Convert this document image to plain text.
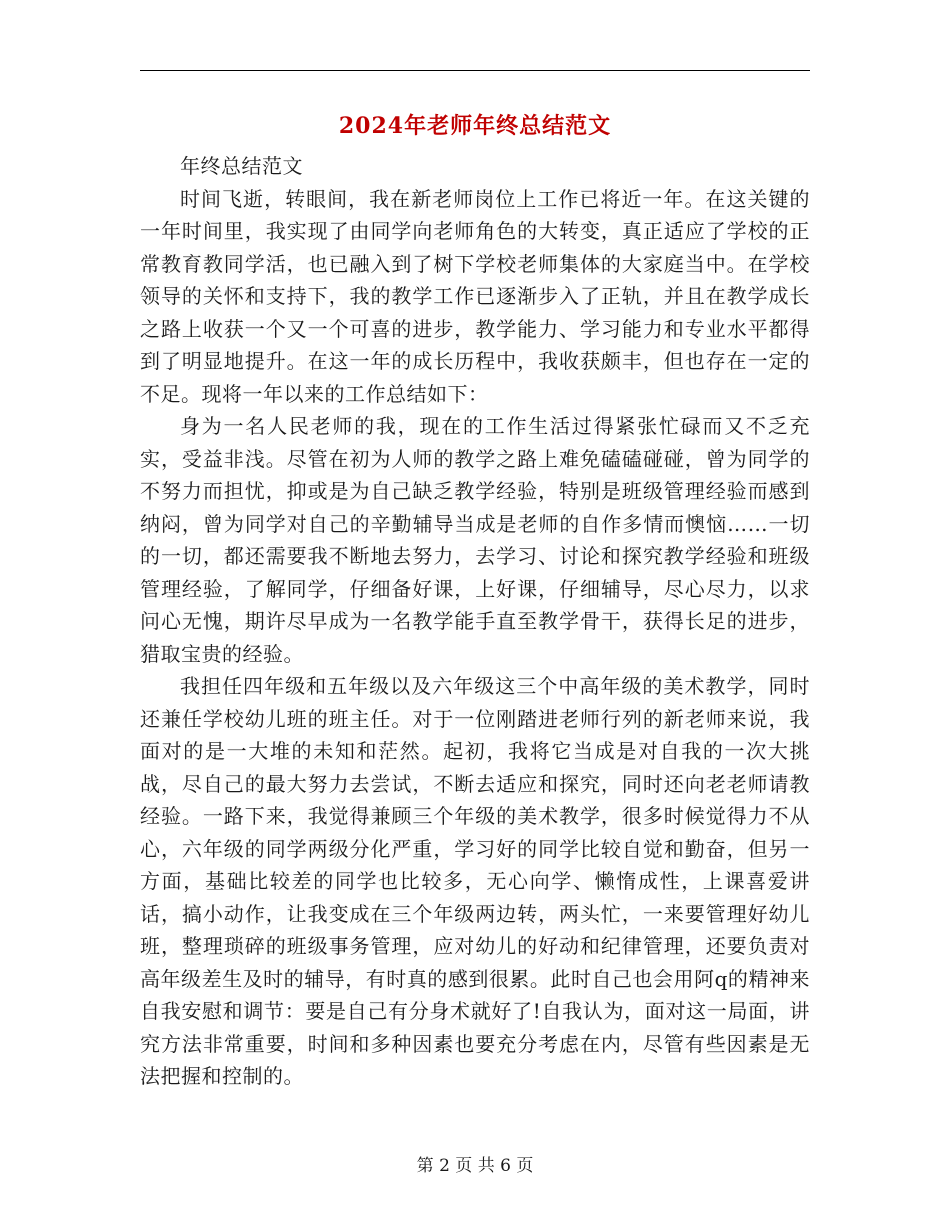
2024年老师年终总结范文

年终总结范文

时间飞逝，转眼间，我在新老师岗位上工作已将近一年。在这关键的一年时间里，我实现了由同学向老师角色的大转变，真正适应了学校的正常教育教同学活，也已融入到了树下学校老师集体的大家庭当中。在学校领导的关怀和支持下，我的教学工作已逐渐步入了正轨，并且在教学成长之路上收获一个又一个可喜的进步，教学能力、学习能力和专业水平都得到了明显地提升。在这一年的成长历程中，我收获颇丰，但也存在一定的不足。现将一年以来的工作总结如下：

身为一名人民老师的我，现在的工作生活过得紧张忙碌而又不乏充实，受益非浅。尽管在初为人师的教学之路上难免磕磕碰碰，曾为同学的不努力而担忧，抑或是为自己缺乏教学经验，特别是班级管理经验而感到纳闷，曾为同学对自己的辛勤辅导当成是老师的自作多情而懊恼……一切的一切，都还需要我不断地去努力，去学习、讨论和探究教学经验和班级管理经验，了解同学，仔细备好课，上好课，仔细辅导，尽心尽力，以求问心无愧，期许尽早成为一名教学能手直至教学骨干，获得长足的进步，猎取宝贵的经验。

我担任四年级和五年级以及六年级这三个中高年级的美术教学，同时还兼任学校幼儿班的班主任。对于一位刚踏进老师行列的新老师来说，我面对的是一大堆的未知和茫然。起初，我将它当成是对自我的一次大挑战，尽自己的最大努力去尝试，不断去适应和探究，同时还向老老师请教经验。一路下来，我觉得兼顾三个年级的美术教学，很多时候觉得力不从心，六年级的同学两级分化严重，学习好的同学比较自觉和勤奋，但另一方面，基础比较差的同学也比较多，无心向学、懒惰成性，上课喜爱讲话，搞小动作，让我变成在三个年级两边转，两头忙，一来要管理好幼儿班，整理琐碎的班级事务管理，应对幼儿的好动和纪律管理，还要负责对高年级差生及时的辅导，有时真的感到很累。此时自己也会用阿q的精神来自我安慰和调节：要是自己有分身术就好了!自我认为，面对这一局面，讲究方法非常重要，时间和多种因素也要充分考虑在内，尽管有些因素是无法把握和控制的。

第 2 页 共 6 页
